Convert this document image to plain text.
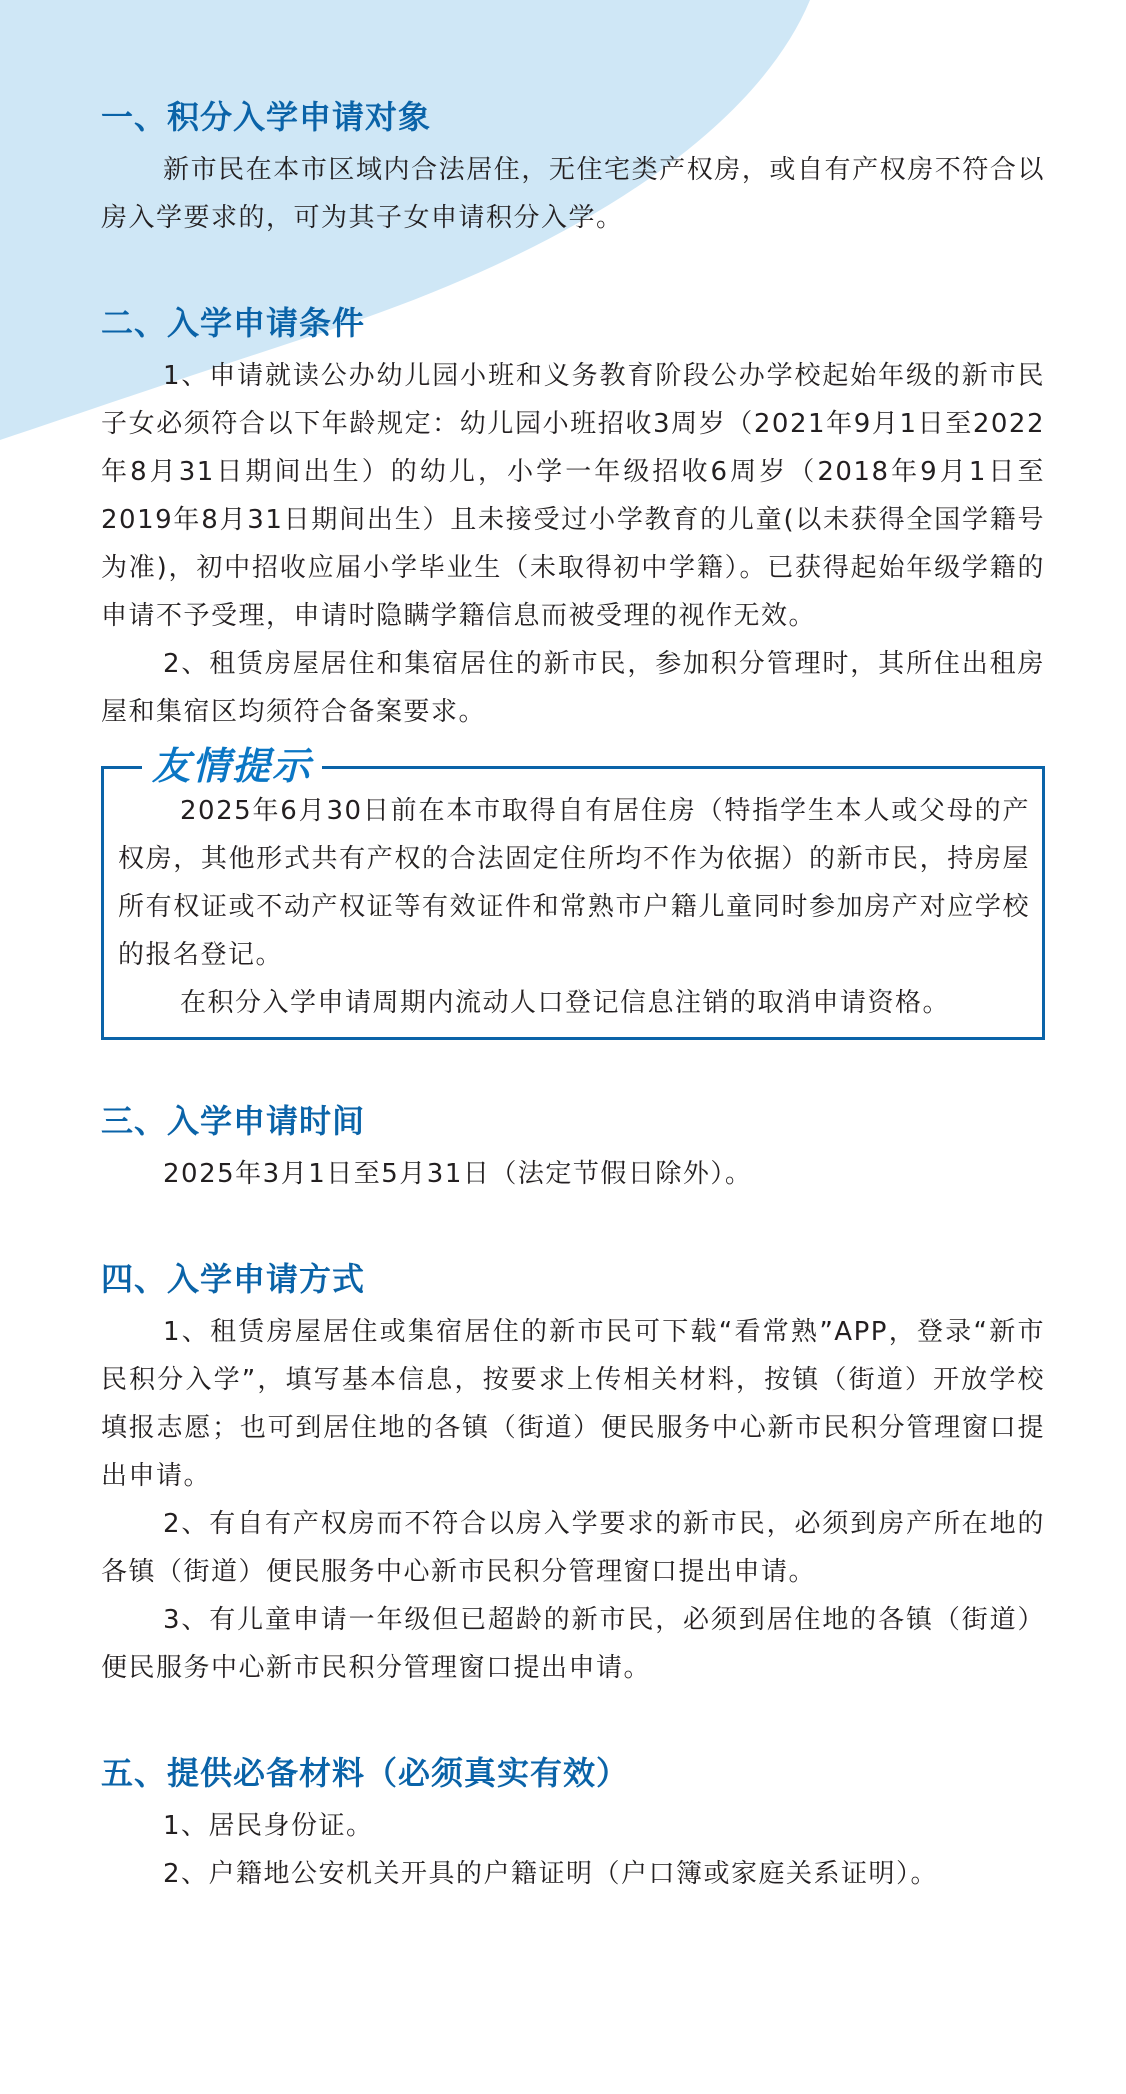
一、积分入学申请对象

新市民在本市区域内合法居住，无住宅类产权房，或自有产权房不符合以房入学要求的，可为其子女申请积分入学。

二、入学申请条件

1、申请就读公办幼儿园小班和义务教育阶段公办学校起始年级的新市民子女必须符合以下年龄规定：幼儿园小班招收3周岁（2021年9月1日至2022年8月31日期间出生）的幼儿，小学一年级招收6周岁（2018年9月1日至2019年8月31日期间出生）且未接受过小学教育的儿童(以未获得全国学籍号为准)，初中招收应届小学毕业生（未取得初中学籍）。已获得起始年级学籍的申请不予受理，申请时隐瞒学籍信息而被受理的视作无效。

2、租赁房屋居住和集宿居住的新市民，参加积分管理时，其所住出租房屋和集宿区均须符合备案要求。

友情提示

2025年6月30日前在本市取得自有居住房（特指学生本人或父母的产权房，其他形式共有产权的合法固定住所均不作为依据）的新市民，持房屋所有权证或不动产权证等有效证件和常熟市户籍儿童同时参加房产对应学校的报名登记。

在积分入学申请周期内流动人口登记信息注销的取消申请资格。

三、入学申请时间

2025年3月1日至5月31日（法定节假日除外）。

四、入学申请方式

1、租赁房屋居住或集宿居住的新市民可下载“看常熟”APP，登录“新市民积分入学”，填写基本信息，按要求上传相关材料，按镇（街道）开放学校填报志愿；也可到居住地的各镇（街道）便民服务中心新市民积分管理窗口提出申请。

2、有自有产权房而不符合以房入学要求的新市民，必须到房产所在地的各镇（街道）便民服务中心新市民积分管理窗口提出申请。

3、有儿童申请一年级但已超龄的新市民，必须到居住地的各镇（街道）便民服务中心新市民积分管理窗口提出申请。

五、提供必备材料（必须真实有效）

1、居民身份证。

2、户籍地公安机关开具的户籍证明（户口簿或家庭关系证明）。
